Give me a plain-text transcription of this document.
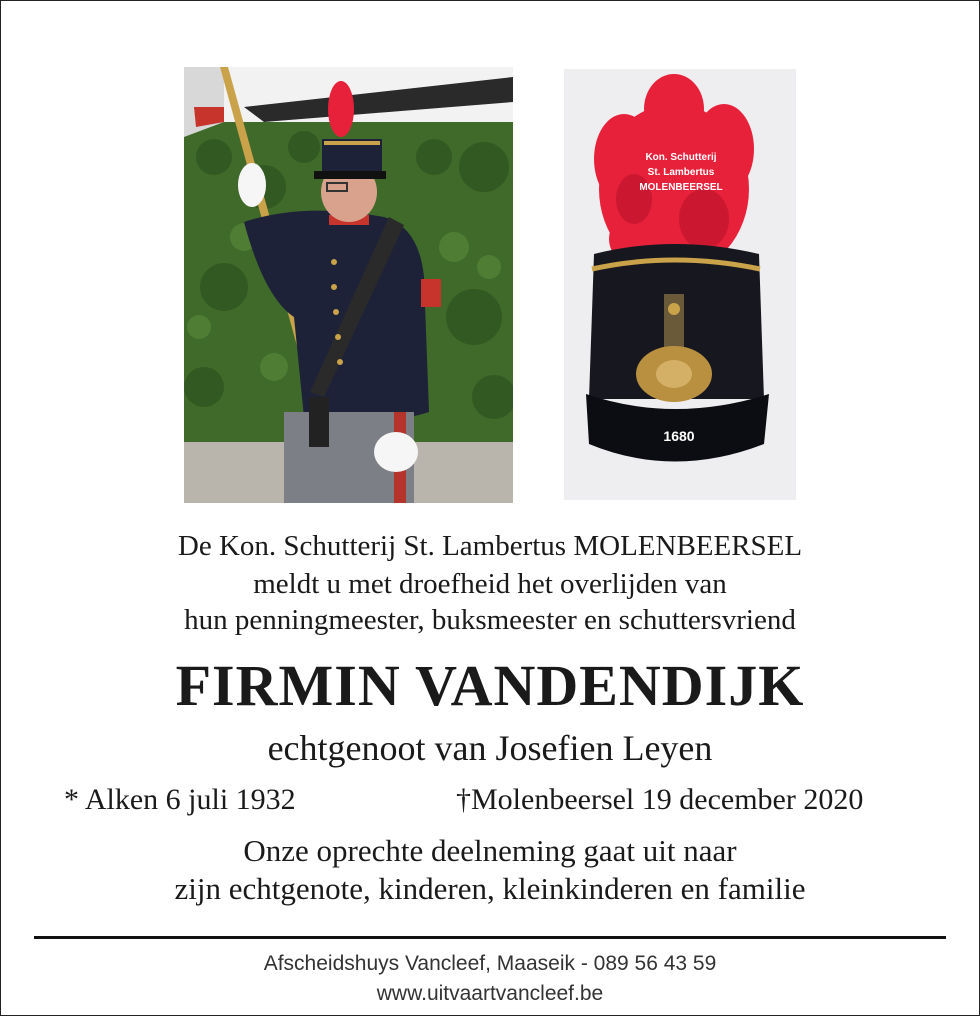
Kon. Schutterij
St. Lambertus
MOLENBEERSEL
1680
De Kon. Schutterij St. Lambertus MOLENBEERSEL
meldt u met droefheid het overlijden van
hun penningmeester, buksmeester en schuttersvriend
FIRMIN VANDENDIJK
echtgenoot van Josefien Leyen
* Alken 6 juli 1932	†Molenbeersel 19 december 2020
Onze oprechte deelneming gaat uit naar
zijn echtgenote, kinderen, kleinkinderen en familie
Afscheidshuys Vancleef, Maaseik - 089 56 43 59
www.uitvaartvancleef.be
